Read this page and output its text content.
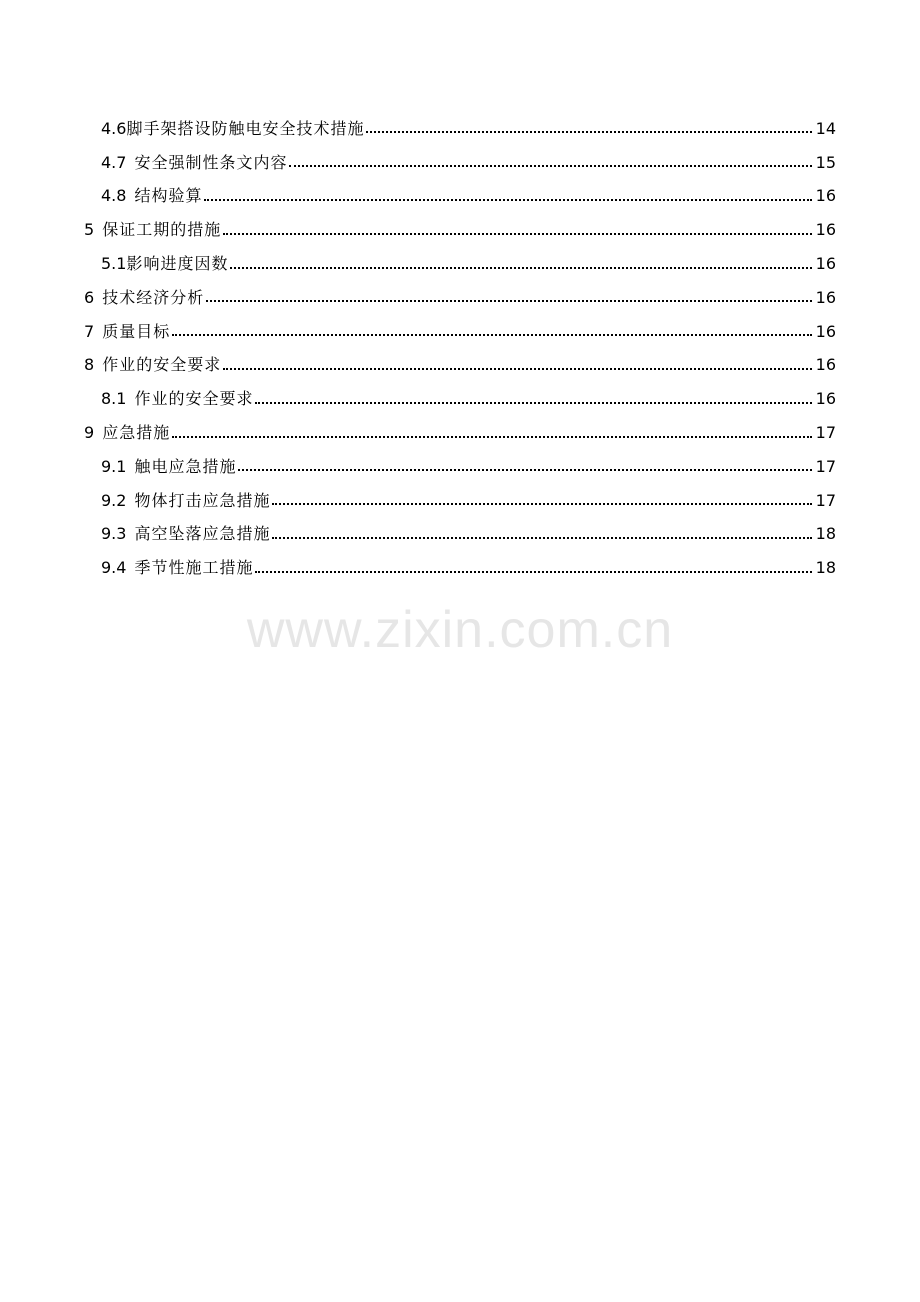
4.6 脚手架搭设防触电安全技术措施	14
4.7 安全强制性条文内容	15
4.8 结构验算	16
5 保证工期的措施	16
5.1 影响进度因数	16
6 技术经济分析	16
7 质量目标	16
8 作业的安全要求	16
8.1 作业的安全要求	16
9 应急措施	17
9.1 触电应急措施	17
9.2 物体打击应急措施	17
9.3 高空坠落应急措施	18
9.4 季节性施工措施	18
www.zixin.com.cn
